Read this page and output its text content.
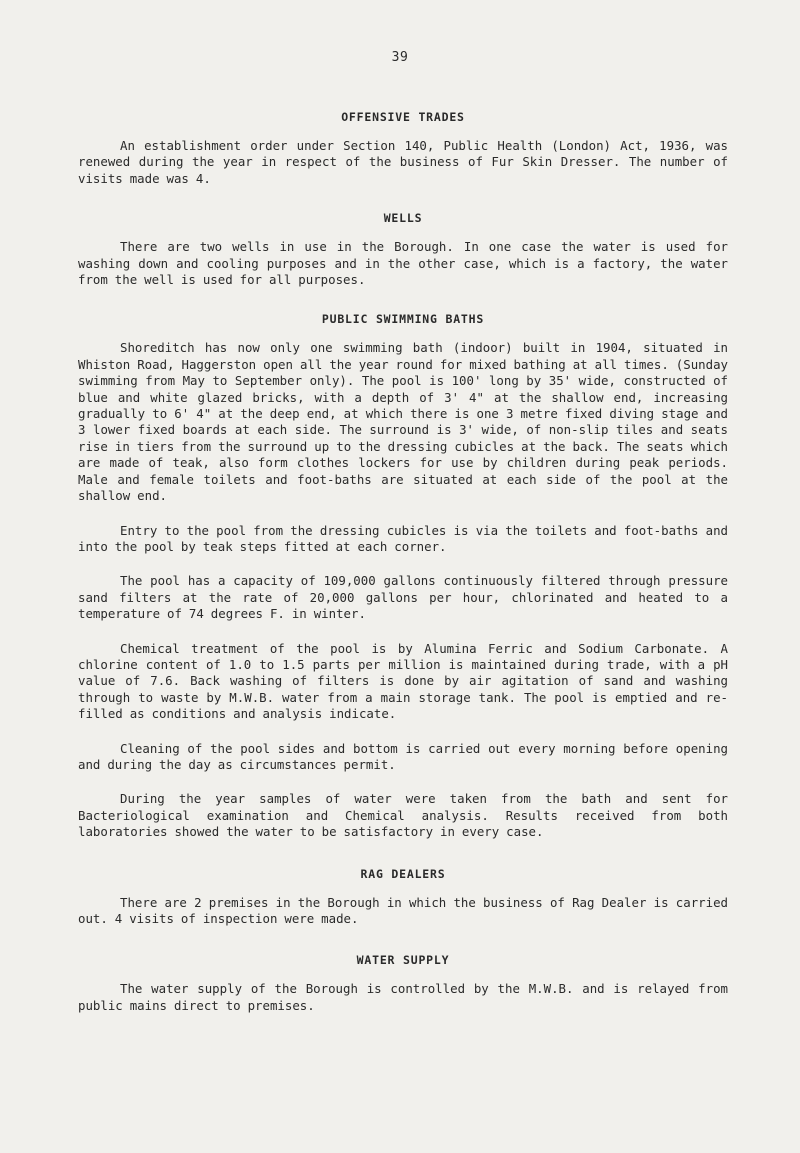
39
OFFENSIVE TRADES

An establishment order under Section 140, Public Health (London) Act, 1936, was renewed during the year in respect of the business of Fur Skin Dresser. The number of visits made was 4.

WELLS

There are two wells in use in the Borough. In one case the water is used for washing down and cooling purposes and in the other case, which is a factory, the water from the well is used for all purposes.

PUBLIC SWIMMING BATHS

Shoreditch has now only one swimming bath (indoor) built in 1904, situated in Whiston Road, Haggerston open all the year round for mixed bathing at all times. (Sunday swimming from May to September only). The pool is 100' long by 35' wide, constructed of blue and white glazed bricks, with a depth of 3' 4" at the shallow end, increasing gradually to 6' 4" at the deep end, at which there is one 3 metre fixed diving stage and 3 lower fixed boards at each side. The surround is 3' wide, of non-slip tiles and seats rise in tiers from the surround up to the dressing cubicles at the back. The seats which are made of teak, also form clothes lockers for use by children during peak periods. Male and female toilets and foot-baths are situated at each side of the pool at the shallow end.

Entry to the pool from the dressing cubicles is via the toilets and foot-baths and into the pool by teak steps fitted at each corner.

The pool has a capacity of 109,000 gallons continuously filtered through pressure sand filters at the rate of 20,000 gallons per hour, chlorinated and heated to a temperature of 74 degrees F. in winter.

Chemical treatment of the pool is by Alumina Ferric and Sodium Carbonate. A chlorine content of 1.0 to 1.5 parts per million is maintained during trade, with a pH value of 7.6. Back washing of filters is done by air agitation of sand and washing through to waste by M.W.B. water from a main storage tank. The pool is emptied and re-filled as conditions and analysis indicate.

Cleaning of the pool sides and bottom is carried out every morning before opening and during the day as circumstances permit.

During the year samples of water were taken from the bath and sent for Bacteriological examination and Chemical analysis. Results received from both laboratories showed the water to be satisfactory in every case.

RAG DEALERS

There are 2 premises in the Borough in which the business of Rag Dealer is carried out. 4 visits of inspection were made.

WATER SUPPLY

The water supply of the Borough is controlled by the M.W.B. and is relayed from public mains direct to premises.
